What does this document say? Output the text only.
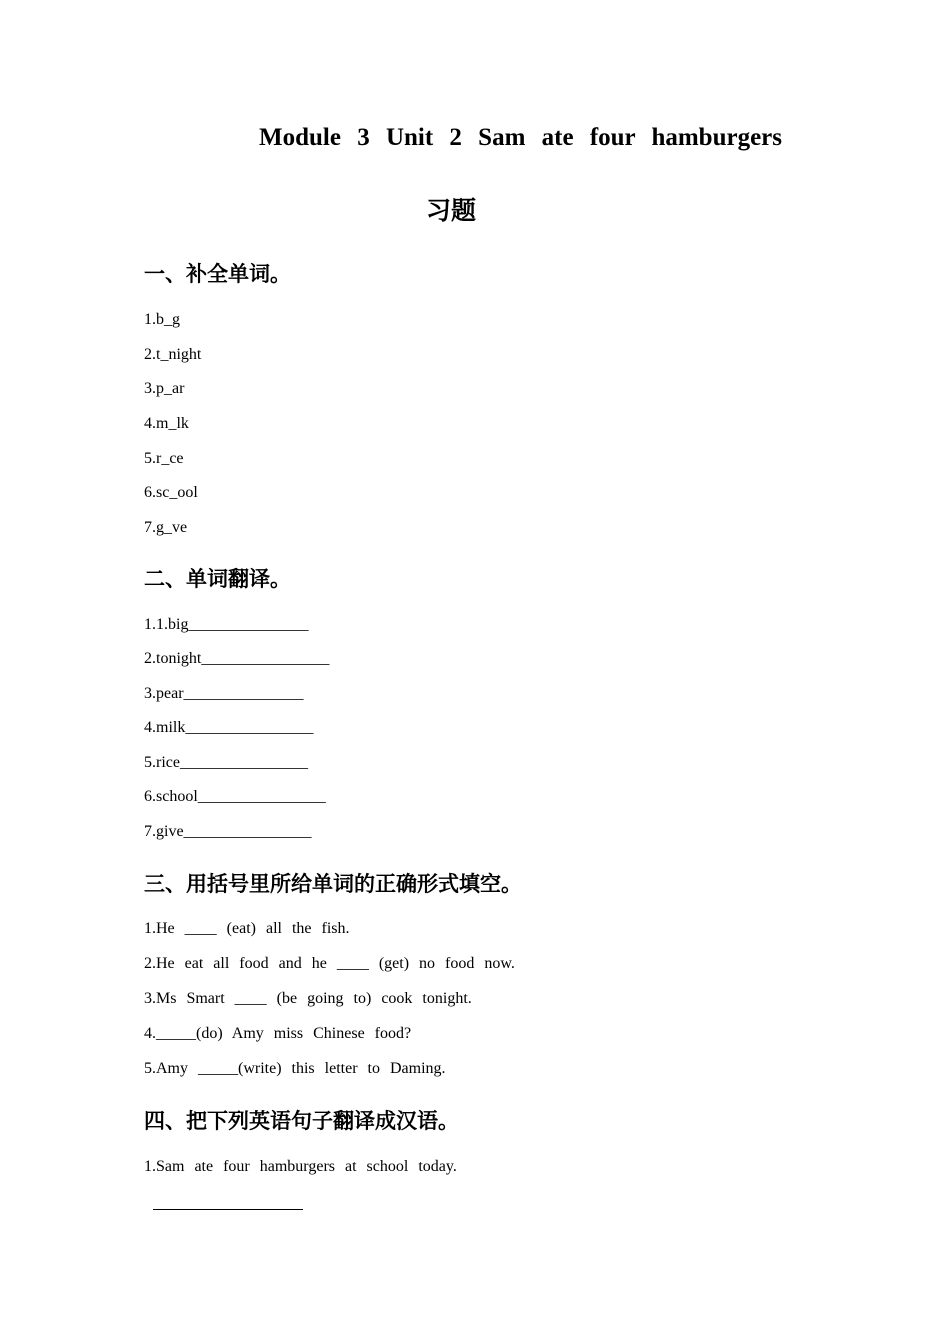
Module 3 Unit 2 Sam ate four hamburgers
习题
一、补全单词。
1.b_g
2.t_night
3.p_ar
4.m_lk
5.r_ce
6.sc_ool
7.g_ve
二、单词翻译。
1.1.big_______________
2.tonight________________
3.pear_______________
4.milk________________
5.rice________________
6.school________________
7.give________________
三、用括号里所给单词的正确形式填空。
1.He ____ (eat) all the fish.
2.He eat all food and he ____ (get) no food now.
3.Ms Smart ____ (be going to) cook tonight.
4._____(do) Amy miss Chinese food?
5.Amy _____(write) this letter to Daming.
四、把下列英语句子翻译成汉语。
1.Sam ate four hamburgers at school today.
